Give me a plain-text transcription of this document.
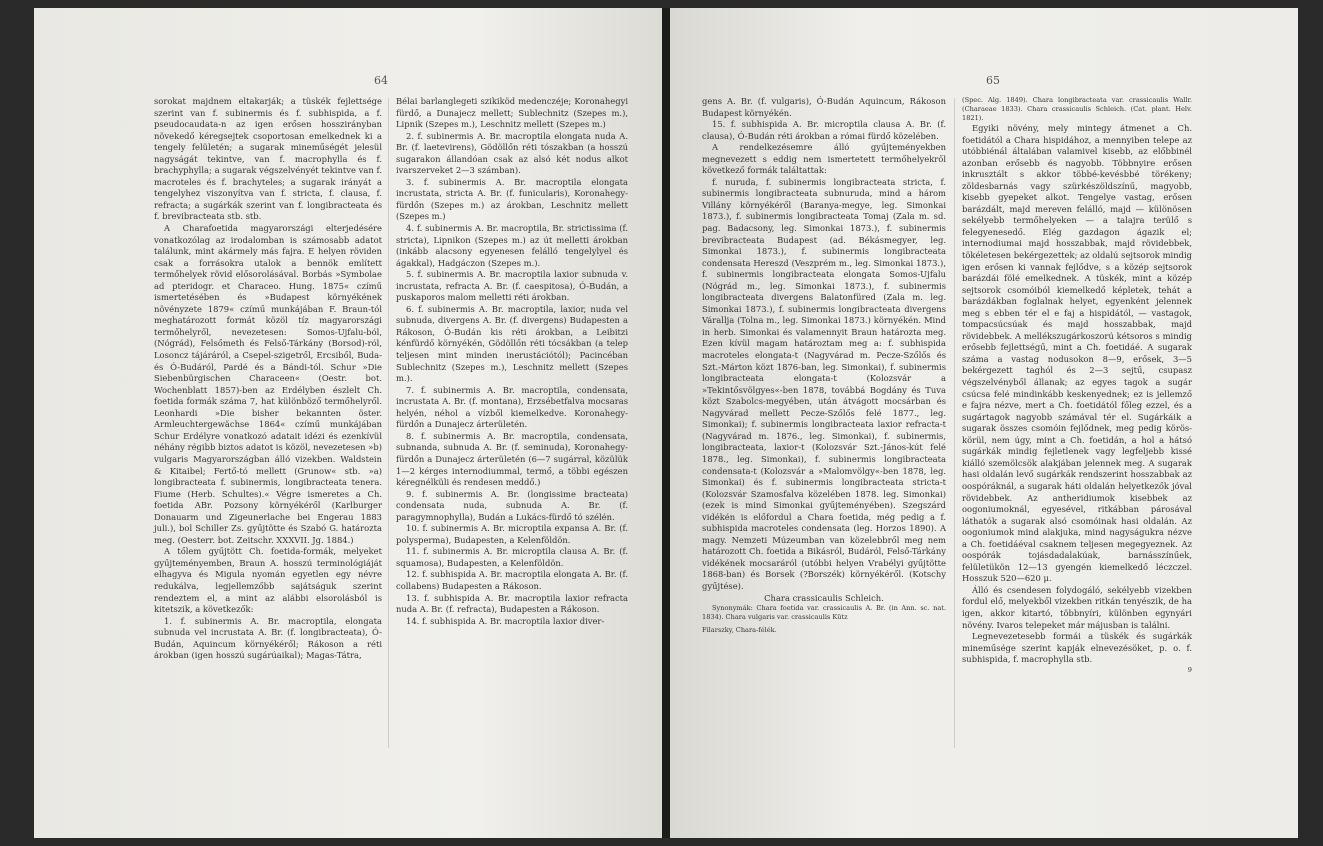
64

sorokat majdnem eltakarják; a tüskék fejlettsége szerint van f. subinermis és f. subhispida, a f. pseudocaudata-n az igen erősen hosszirányban növekedő kéregsejtek csoportosan emelkednek ki a tengely felületén; a sugarak mineműségét jelesül nagyságát tekintve, van f. macrophylla és f. brachyphylla; a sugarak végszelvényét tekintve van f. macroteles és f. brachyteles; a sugarak irányát a tengelyhez viszonyítva van f. stricta, f. clausa, f. refracta; a sugárkák szerint van f. longibracteata és f. brevibracteata stb. stb.

A Charafoetida magyarországi elterjedésére vonatkozólag az irodalomban is számosabb adatot találunk, mint akármely más fajra. E helyen röviden csak a forrásokra utalok a bennök említett termőhelyek rövid elősorolásával. Borbás »Symbolae ad pteridogr. et Characeo. Hung. 1875« czímű ismertetésében és »Budapest környékének növényzete 1879« czímű munkájában F. Braun-tól meghatározott formát közöl tíz magyarországi termőhelyről, nevezetesen: Somos-Ujfalu-ból, (Nógrád), Felsőmeth és Felső-Tárkány (Borsod)-ról, Losoncz tájáráról, a Csepel-szigetről, Ercsiből, Buda- és Ó-Budáról, Pardé és a Bándi-tól. Schur »Die Siebenbürgischen Characeen« (Oestr. bot. Wochenblatt 1857)-ben az Erdélyben észlelt Ch. foetida formák száma 7, hat különböző termőhelyről. Leonhardi »Die bisher bekannten öster. Armleuchtergewächse 1864« czímű munkájában Schur Erdélyre vonatkozó adatait idézi és ezenkívül néhány régibb biztos adatot is közöl, nevezetesen »b) vulgaris Magyarországban álló vizekben. Waldstein & Kitaibel; Fertő-tó mellett (Grunow« stb. »a) longibracteata f. subinermis, longibracteata tenera. Fiume (Herb. Schultes).« Végre ismeretes a Ch. foetida ABr. Pozsony környékéről (Karlburger Donauarm und Zigeunerlache bei Engerau 1883 juli.), bol Schiller Zs. gyűjtötte és Szabó G. határozta meg. (Oesterr. bot. Zeitschr. XXXVII. Jg. 1884.)

A tőlem gyűjtött Ch. foetida-formák, melyeket gyűjteményemben, Braun A. hosszú terminológiáját elhagyva és Migula nyomán egyetlen egy névre redukálva, legjellemzőbb sajátságuk szerint rendeztem el, a mint az alábbi elsorolásból is kitetszik, a következők:

1. f. subinermis A. Br. macroptila, elongata subnuda vel incrustata A. Br. (f. longibracteata), Ó-Budán, Aquincum környékéről; Rákoson a réti árokban (igen hosszú sugárúaikal); Magas-Tátra,

Bélai barlanglegeti szikiköd medenczéje; Koronahegyi fürdő, a Dunajecz mellett; Sublechnitz (Szepes m.), Lipnik (Szepes m.), Leschnitz mellett (Szepes m.)

2. f. subinermis A. Br. macroptila elongata nuda A. Br. (f. laetevirens), Gödöllőn réti tószakban (a hosszú sugarakon állandóan csak az alsó két nodus alkot ivarszerveket 2—3 számban).

3. f. subinermis A. Br. macroptila elongata incrustata, stricta A. Br. (f. funicularis), Koronahegy-fürdőn (Szepes m.) az árokban, Leschnitz mellett (Szepes m.)

4. f. subinermis A. Br. macroptila, Br. strictissima (f. stricta), Lipnikon (Szepes m.) az út melletti árokban (inkább alacsony egyenesen felálló tengelylyel és ágakkal), Hadgáczon (Szepes m.).

5. f. subinermis A. Br. macroptila laxior subnuda v. incrustata, refracta A. Br. (f. caespitosa), Ó-Budán, a puskaporos malom melletti réti árokban.

6. f. subinermis A. Br. macroptila, laxior, nuda vel subnuda, divergens A. Br. (f. divergens) Budapesten a Rákoson, Ó-Budán kis réti árokban, a Leibitzi kénfürdő környékén, Gödöllőn réti tócsákban (a telep teljesen mint minden inerustációtól); Pacincéban Sublechnitz (Szepes m.), Leschnitz mellett (Szepes m.).

7. f. subinermis A. Br. macroptila, condensata, incrustata A. Br. (f. montana), Erzsébetfalva mocsaras helyén, néhol a vízből kiemelkedve. Koronahegy-fürdőn a Dunajecz árterületén.

8. f. subinermis A. Br. macroptila, condensata, subnanda, subnuda A. Br. (f. seminuda), Koronahegy-fürdőn a Dunajecz árterületén (6—7 sugárral, közülük 1—2 kérges internodiummal, termő, a többi egészen kéregnélküli és rendesen meddő.)

9. f. subinermis A. Br. (longissime bracteata) condensata nuda, subnuda A. Br. (f. paragymnophylla), Budán a Lukács-fürdő tó szélén.

10. f. subinermis A. Br. microptila expansa A. Br. (f. polysperma), Budapesten, a Kelenföldön.

11. f. subinermis A. Br. microptila clausa A. Br. (f. squamosa), Budapesten, a Kelenföldön.

12. f. subhispida A. Br. macroptila elongata A. Br. (f. collabens) Budapesten a Rákoson.

13. f. subhispida A. Br. macroptila laxior refracta nuda A. Br. (f. refracta), Budapesten a Rákoson.

14. f. subhispida A. Br. macroptila laxior diver-

65

gens A. Br. (f. vulgaris), Ó-Budán Aquincum, Rákoson Budapest környékén.

15. f. subhispida A. Br. microptila clausa A. Br. (f. clausa), Ó-Budán réti árokban a római fürdő közelében.

A rendelkezésemre álló gyűjteményekben megnevezett s eddig nem ismertetett termőhelyekről következő formák találtattak:

f. nuruda, f. subinermis longibracteata stricta, f. subinermis longibracteata subnuruda, mind a három Villány környékéről (Baranya-megye, leg. Simonkai 1873.), f. subinermis longibracteata Tomaj (Zala m. sd. pag. Badacsony, leg. Simonkai 1873.), f. subinermis brevibracteata Budapest (ad. Békásmegyer, leg. Simonkai 1873.), f. subinermis longibracteata condensata Hereszd (Veszprém m., leg. Simonkai 1873.), f. subinermis longibracteata elongata Somos-Ujfalu (Nógrád m., leg. Simonkai 1873.), f. subinermis longibracteata divergens Balatonfüred (Zala m. leg. Simonkai 1873.), f. subinermis longibracteata divergens Várallja (Tolna m., leg. Simonkai 1873.) környékén. Mind in herb. Simonkai és valamennyit Braun határozta meg. Ezen kívül magam határoztam meg a: f. subhispida macroteles elongata-t (Nagyvárad m. Pecze-Szőlős és Szt.-Márton közt 1876-ban, leg. Simonkai), f. subinermis longibracteata elongata-t (Kolozsvár a »Tekintősvölgyes«-ben 1878, továbbá Bogdány és Tuva közt Szabolcs-megyében, után átvágott mocsárban és Nagyvárad mellett Pecze-Szőlős felé 1877., leg. Simonkai); f. subinermis longibracteata laxior refracta-t (Nagyvárad m. 1876., leg. Simonkai), f. subinermis, longibracteata, laxior-t (Kolozsvár Szt.-János-kút felé 1878., leg. Simonkai), f. subinermis longibracteata condensata-t (Kolozsvár a »Malomvölgy«-ben 1878, leg. Simonkai) és f. subinermis longibracteata stricta-t (Kolozsvár Szamosfalva közelében 1878. leg. Simonkai) (ezek is mind Simonkai gyűjteményében). Szegszárd vidékén is előfordul a Chara foetida, még pedig a f. subhispida macroteles condensata (leg. Horzos 1890). A magy. Nemzeti Múzeumban van közelebbről meg nem határozott Ch. foetida a Bikásról, Budáról, Felső-Tárkány vidékének mocsaráról (utóbbi helyen Vrabélyi gyűjtötte 1868-ban) és Borsek (?Borszék) környékéről. (Kotschy gyűjtése).

Chara crassicaulis Schleich.

Synonymák: Chara foetida var. crassicaulis A. Br. (in Ann. sc. nat. 1834). Chara vulgaris var. crassicaulis Kütz

Filarszky, Chara-félék.

(Spec. Alg. 1849). Chara longibracteata var. crassicaulis Wallr. (Charaeae 1833). Chara crassicaulis Schleich. (Cat. plant. Helv. 1821).

Egyiki növény, mely mintegy átmenet a Ch. foetidától a Chara hispidához, a mennyiben telepe az utóbbiénál általában valamivel kisebb, az előbbinél azonban erősebb és nagyobb. Többnyire erősen inkrusztált s akkor többé-kevésbbé törékeny; zöldesbarnás vagy szürkészöldszínű, magyobb, kisebb gyepeket alkot. Tengelye vastag, erősen barázdált, majd mereven felálló, majd — különösen sekélyebb termőhelyeken — a talajra terülő s felegyenesedő. Elég gazdagon ágazik el; internodiumai majd hosszabbak, majd rövidebbek, tökéletesen bekérgezettek; az oldalú sejtsorok mindig igen erősen ki vannak fejlődve, s a közép sejtsorok barázdái fölé emelkednek. A tüskék, mint a közép sejtsorok csomóiból kiemelkedő képletek, tehát a barázdákban foglalnak helyet, egyenként jelennek meg s ebben tér el e faj a hispidától, — vastagok, tompacsúcsúak és majd hosszabbak, majd rövidebbek. A mellékszugárkoszorú kétsoros s mindig erősebb fejlettségű, mint a Ch. foetidáé. A sugarak száma a vastag nodusokon 8—9, erősek, 3—5 bekérgezett taghól és 2—3 sejtű, csupasz végszelvényből állanak; az egyes tagok a sugár csúcsa felé mindinkább keskenyednek; ez is jellemző e fajra nézve, mert a Ch. foetidától főleg ezzel, és a sugártagok nagyobb számával tér el. Sugárkáik a sugarak összes csomóin fejlődnek, meg pedig körös-körül, nem úgy, mint a Ch. foetidán, a hol a hátsó sugárkák mindig fejletlenek vagy legfeljebb kissé kiálló szemölcsök alakjában jelennek meg. A sugarak hasi oldalán levő sugárkák rendszerint hosszabbak az oospóráknál, a sugarak háti oldalán helyetkezők jóval rövidebbek. Az antheridiumok kisebbek az oogoniumoknál, egyesével, ritkábban párosával láthatók a sugarak alsó csomóinak hasi oldalán. Az oogoniumok mind alakjuka, mind nagyságukra nézve a Ch. foetidáéval csaknem teljesen megegyeznek. Az oospórák tojásdadalakúak, barnásszínűek, felületükön 12—13 gyengén kiemelkedő léczczel. Hosszuk 520—620 μ.

Álló és csendesen folydogáló, sekélyebb vizekben fordul elő, melyekből vizekben ritkán tenyészik, de ha igen, akkor kitartó, többnyíri, különben egynyári növény. Ivaros telepeket már májusban is találni.

Legnevezetesebb formái a tüskék és sugárkák mineműsége szerint kapják elnevezésöket, p. o. f. subhispida, f. macrophylla stb.

9
